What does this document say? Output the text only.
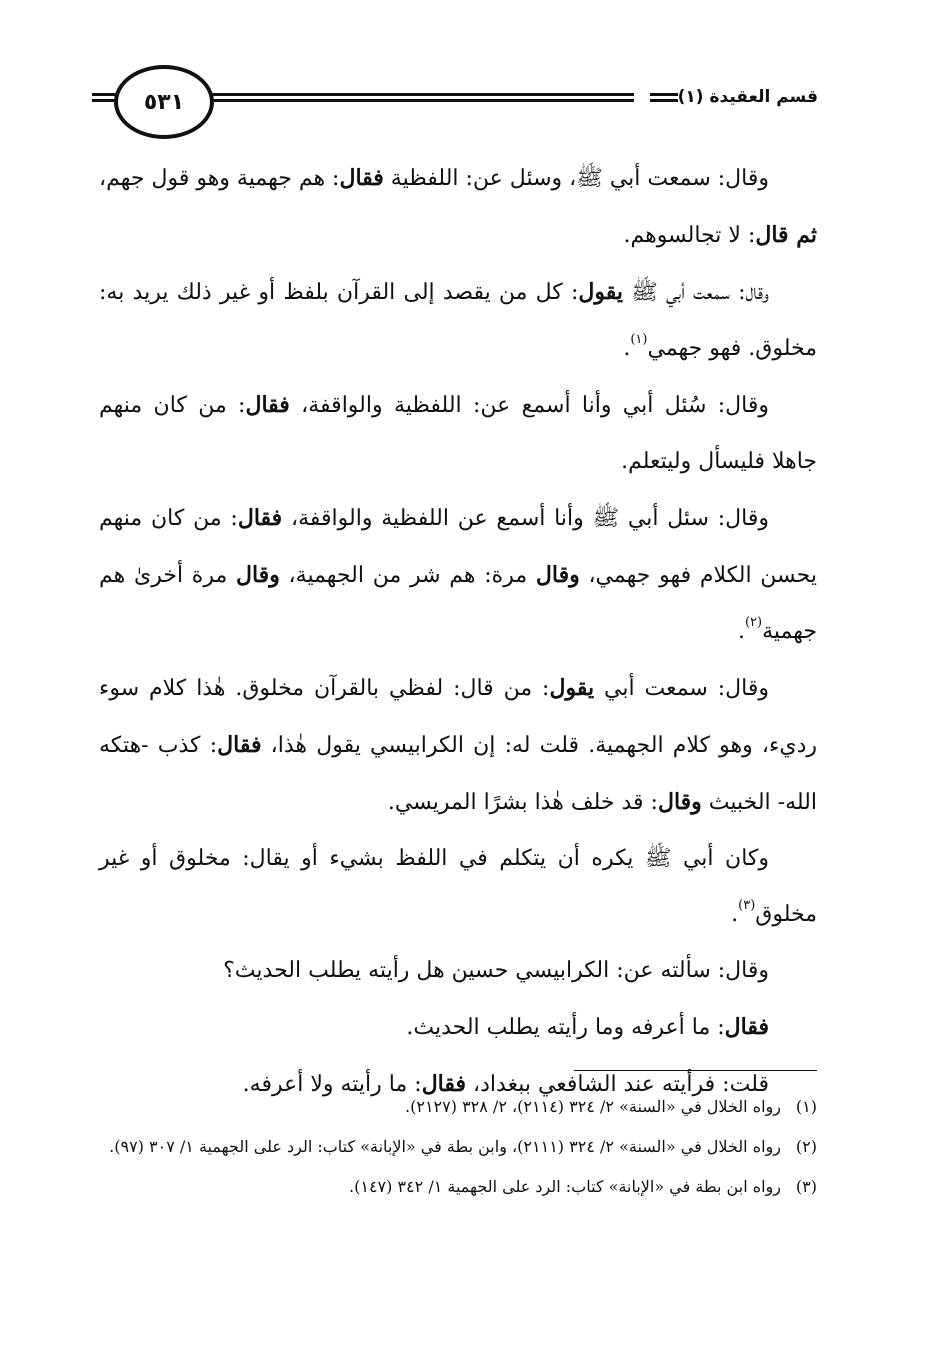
قسم العقيدة (١)
٥٣١

وقال: سمعت أبي ﷺ، وسئل عن: اللفظية فقال: هم جهمية وهو قول جهم، ثم قال: لا تجالسوهم.

وقال: سمعت أبي ﷺ يقول: كل من يقصد إلى القرآن بلفظ أو غير ذلك يريد به: مخلوق. فهو جهمي$^{(١)}$.

وقال: سُئل أبي وأنا أسمع عن: اللفظية والواقفة، فقال: من كان منهم جاهلا فليسأل وليتعلم.

وقال: سئل أبي ﷺ وأنا أسمع عن اللفظية والواقفة، فقال: من كان منهم يحسن الكلام فهو جهمي، وقال مرة: هم شر من الجهمية، وقال مرة أخرىٰ هم جهمية$^{(٢)}$.

وقال: سمعت أبي يقول: من قال: لفظي بالقرآن مخلوق. هٰذا كلام سوء رديء، وهو كلام الجهمية. قلت له: إن الكرابيسي يقول هٰذا، فقال: كذب -هتكه الله- الخبيث وقال: قد خلف هٰذا بشرًا المريسي.

وكان أبي ﷺ يكره أن يتكلم في اللفظ بشيء أو يقال: مخلوق أو غير مخلوق$^{(٣)}$.

وقال: سألته عن: الكرابيسي حسين هل رأيته يطلب الحديث؟

فقال: ما أعرفه وما رأيته يطلب الحديث.

قلت: فرأيته عند الشافعي ببغداد، فقال: ما رأيته ولا أعرفه.

(١)رواه الخلال في «السنة» ٢/ ٣٢٤ (٢١١٤)، ٢/ ٣٢٨ (٢١٢٧).

(٢)رواه الخلال في «السنة» ٢/ ٣٢٤ (٢١١١)، وابن بطة في «الإبانة» كتاب: الرد على الجهمية ١/ ٣٠٧ (٩٧).

(٣)رواه ابن بطة في «الإبانة» كتاب: الرد على الجهمية ١/ ٣٤٢ (١٤٧).
